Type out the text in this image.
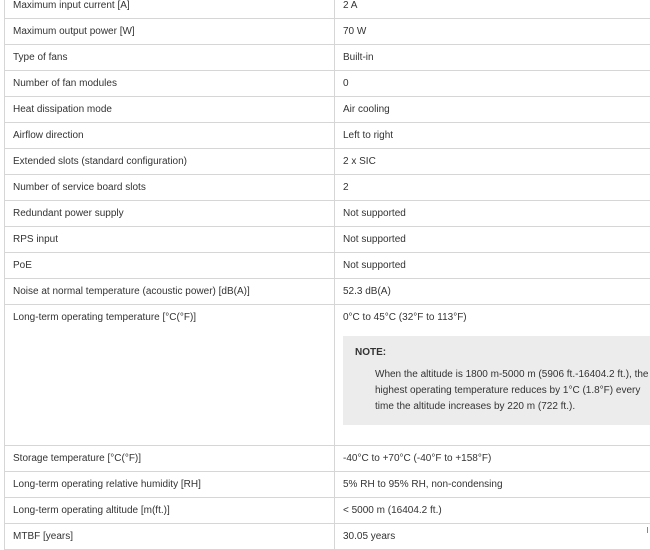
Maximum input current [A]	2 A
Maximum output power [W]	70 W
Type of fans	Built-in
Number of fan modules	0
Heat dissipation mode	Air cooling
Airflow direction	Left to right
Extended slots (standard configuration)	2 x SIC
Number of service board slots	2
Redundant power supply	Not supported
RPS input	Not supported
PoE	Not supported
Noise at normal temperature (acoustic power) [dB(A)]	52.3 dB(A)
Long-term operating temperature [°C(°F)]	0°C to 45°C (32°F to 113°F)
NOTE:
When the altitude is 1800 m-5000 m (5906 ft.-16404.2 ft.), the highest operating temperature reduces by 1°C (1.8°F) every time the altitude increases by 220 m (722 ft.).

Storage temperature [°C(°F)]	-40°C to +70°C (-40°F to +158°F)
Long-term operating relative humidity [RH]	5% RH to 95% RH, non-condensing
Long-term operating altitude [m(ft.)]	< 5000 m (16404.2 ft.)
MTBF [years]	30.05 years
